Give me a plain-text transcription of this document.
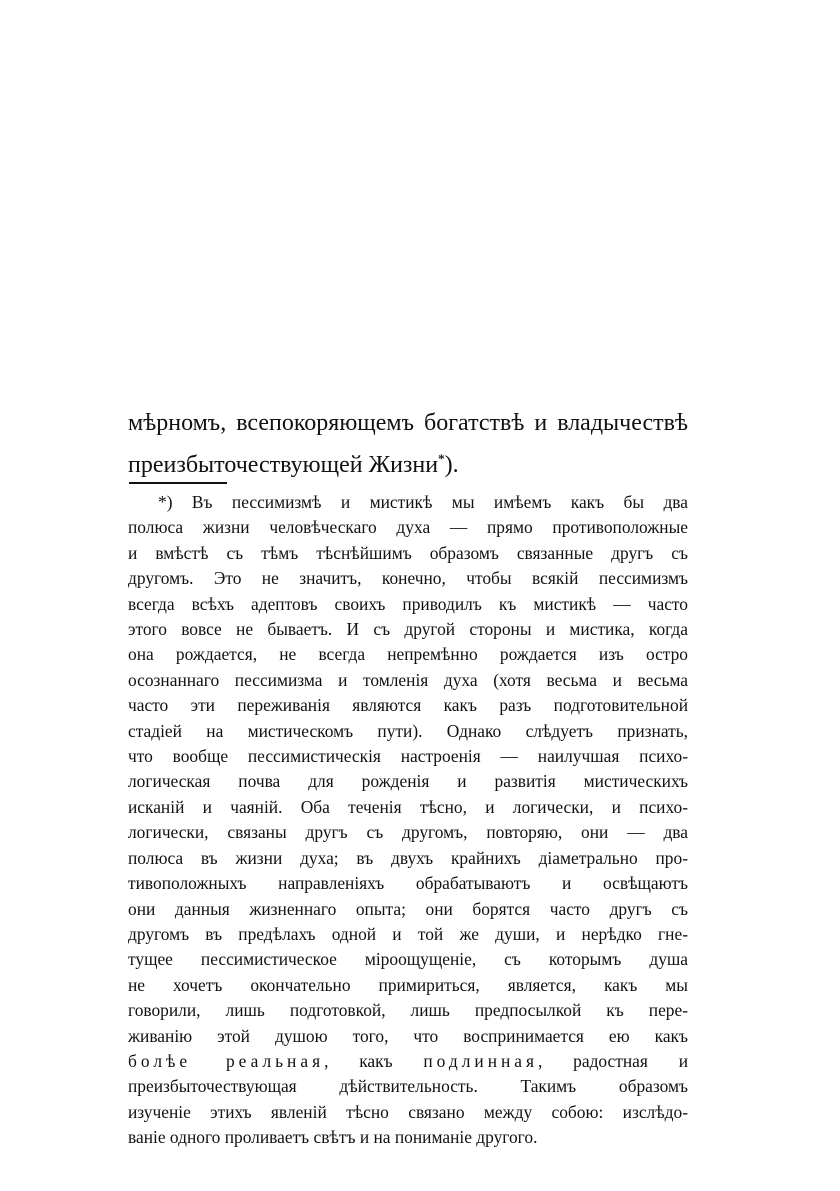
мѣрномъ, всепокоряющемъ богатствѣ и владычествѣ
преизбыточествующей Жизни*).
*) Въ пессимизмѣ и мистикѣ мы имѣемъ какъ бы два
полюса жизни человѣческаго духа — прямо противоположные
и вмѣстѣ съ тѣмъ тѣснѣйшимъ образомъ связанные другъ съ
другомъ. Это не значитъ, конечно, чтобы всякій пессимизмъ
всегда всѣхъ адептовъ своихъ приводилъ къ мистикѣ — часто
этого вовсе не бываетъ. И съ другой стороны и мистика, когда
она рождается, не всегда непремѣнно рождается изъ остро
осознаннаго пессимизма и томленія духа (хотя весьма и весьма
часто эти переживанія являются какъ разъ подготовительной
стадіей на мистическомъ пути). Однако слѣдуетъ признать,
что вообще пессимистическія настроенія — наилучшая психо-
логическая почва для рожденія и развитія мистическихъ
исканій и чаяній. Оба теченія тѣсно, и логически, и психо-
логически, связаны другъ съ другомъ, повторяю, они — два
полюса въ жизни духа; въ двухъ крайнихъ діаметрально про-
тивоположныхъ направленіяхъ обрабатываютъ и освѣщаютъ
они данныя жизненнаго опыта; они борятся часто другъ съ
другомъ въ предѣлахъ одной и той же души, и нерѣдко гне-
тущее пессимистическое міроощущеніе, съ которымъ душа
не хочетъ окончательно примириться, является, какъ мы
говорили, лишь подготовкой, лишь предпосылкой къ пере-
живанію этой душою того, что воспринимается ею какъ
болѣе реальная, какъ подлинная, радостная и
преизбыточествующая дѣйствительность. Такимъ образомъ
изученіе этихъ явленій тѣсно связано между собою: изслѣдо-
ваніе одного проливаетъ свѣтъ и на пониманіе другого.
